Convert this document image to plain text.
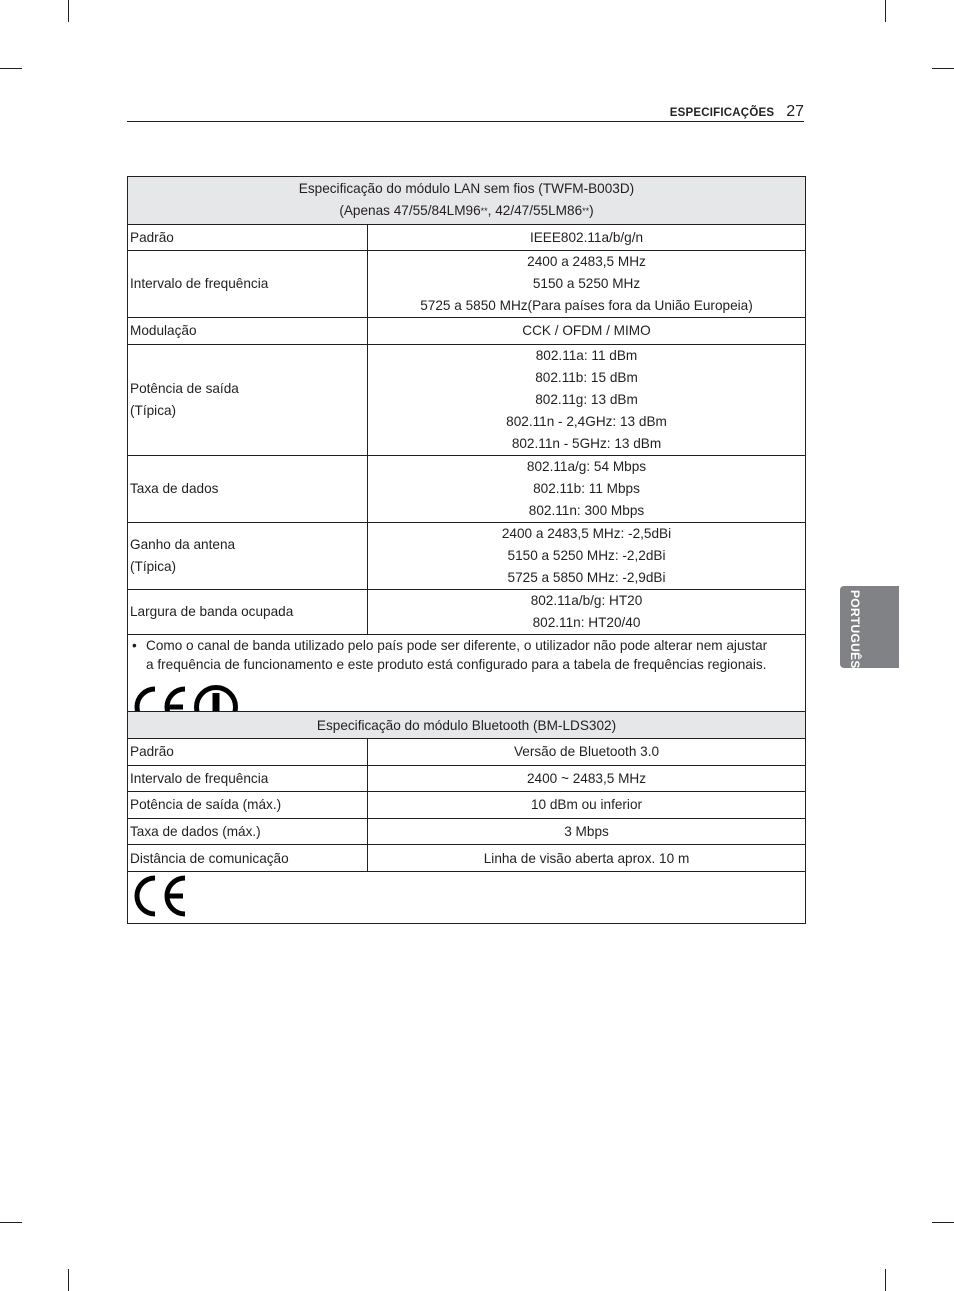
ESPECIFICAÇÕES 27
Especificação do módulo LAN sem fios (TWFM-B003D)
(Apenas 47/55/84LM96**, 42/47/55LM86**)	

Padrão	IEEE802.11a/b/g/n

Intervalo de frequência	2400 a 2483,5 MHz
5150 a 5250 MHz
5725 a 5850 MHz(Para países fora da União Europeia)

Modulação	CCK / OFDM / MIMO

Potência de saída
(Típica)	802.11a: 11 dBm
802.11b: 15 dBm
802.11g: 13 dBm
802.11n - 2,4GHz: 13 dBm
802.11n - 5GHz: 13 dBm

Taxa de dados	802.11a/g: 54 Mbps
802.11b: 11 Mbps
802.11n: 300 Mbps

Ganho da antena
(Típica)	2400 a 2483,5 MHz: -2,5dBi
5150 a 5250 MHz: -2,2dBi
5725 a 5850 MHz: -2,9dBi

Largura de banda ocupada	802.11a/b/g: HT20
802.11n: HT20/40

• Como o canal de banda utilizado pelo país pode ser diferente, o utilizador não pode alterar nem ajustar
a frequência de funcionamento e este produto está configurado para a tabela de frequências regionais.	
Especificação do módulo Bluetooth (BM-LDS302)	
Padrão	Versão de Bluetooth 3.0
Intervalo de frequência	2400 ~ 2483,5 MHz
Potência de saída (máx.)	10 dBm ou inferior
Taxa de dados (máx.)	3 Mbps
Distância de comunicação	Linha de visão aberta aprox. 10 m

PORTUGUÊS
